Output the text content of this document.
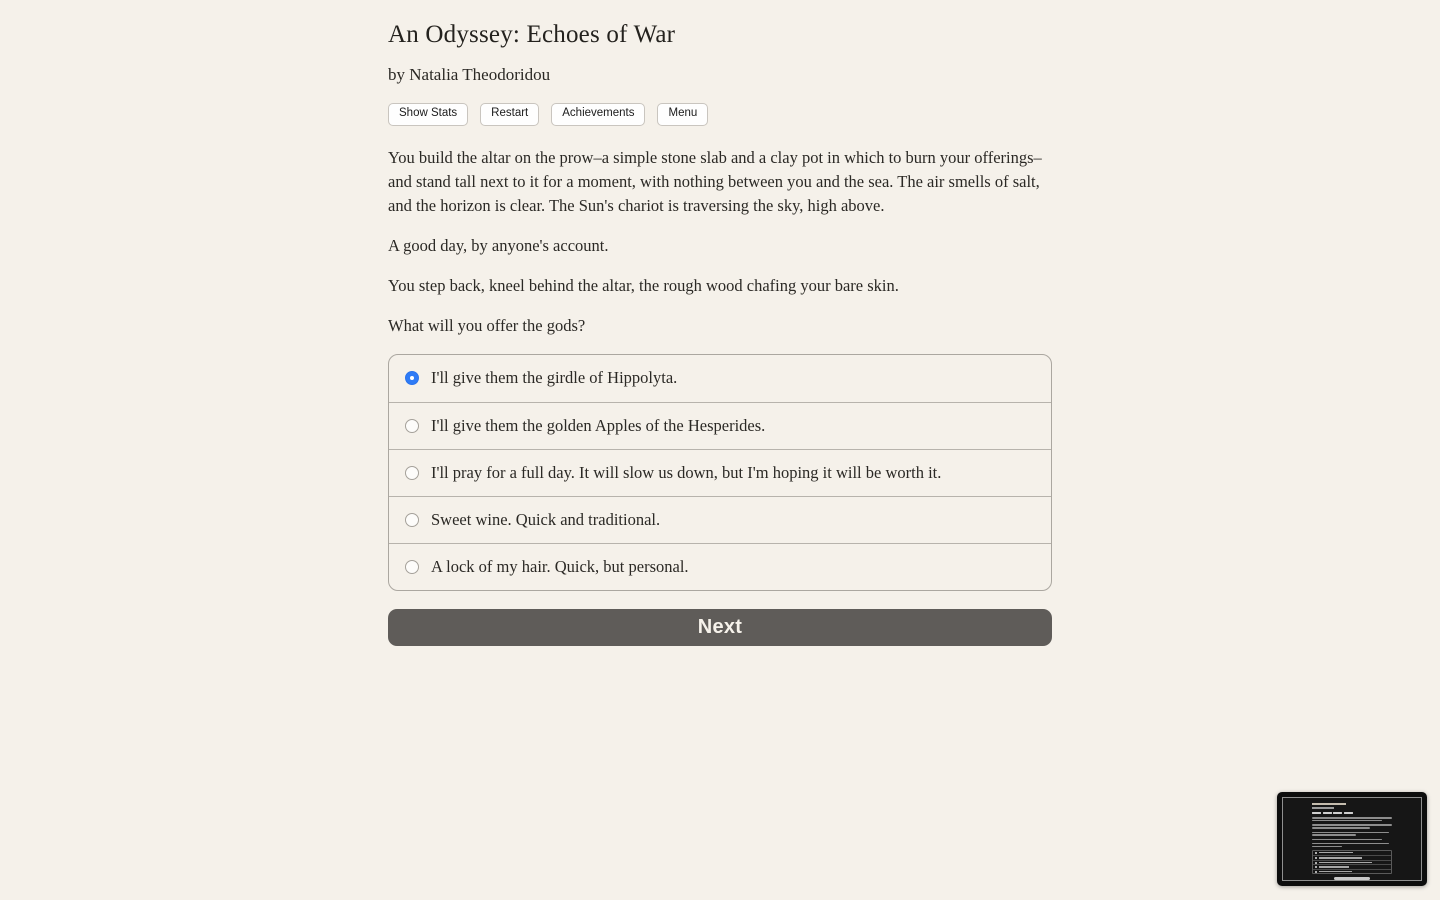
An Odyssey: Echoes of War
by Natalia Theodoridou
Show Stats	Restart	Achievements	Menu

You build the altar on the prow–a simple stone slab and a clay pot in which to burn your offerings–and stand tall next to it for a moment, with nothing between you and the sea. The air smells of salt, and the horizon is clear. The Sun's chariot is traversing the sky, high above.

A good day, by anyone's account.

You step back, kneel behind the altar, the rough wood chafing your bare skin.

What will you offer the gods?

I'll give them the girdle of Hippolyta.
I'll give them the golden Apples of the Hesperides.
I'll pray for a full day. It will slow us down, but I'm hoping it will be worth it.
Sweet wine. Quick and traditional.
A lock of my hair. Quick, but personal.
Next
